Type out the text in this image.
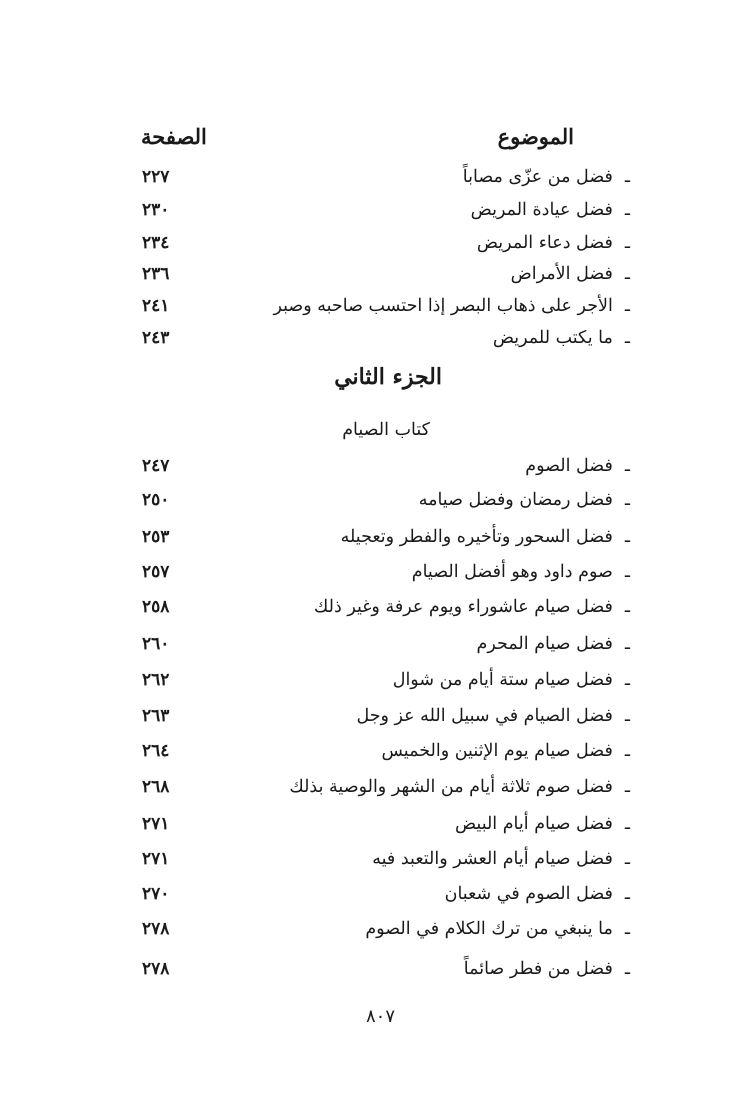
الموضوع
الصفحة
ـفضل من عزّى مصاباً
٢٢٧
ـفضل عيادة المريض
٢٣٠
ـفضل دعاء المريض
٢٣٤
ـفضل الأمراض
٢٣٦
ـالأجر على ذهاب البصر إذا احتسب صاحبه وصبر
٢٤١
ـما يكتب للمريض
٢٤٣
الجزء الثاني
كتاب الصيام
ـفضل الصوم
٢٤٧
ـفضل رمضان وفضل صيامه
٢٥٠
ـفضل السحور وتأخيره والفطر وتعجيله
٢٥٣
ـصوم داود وهو أفضل الصيام
٢٥٧
ـفضل صيام عاشوراء ويوم عرفة وغير ذلك
٢٥٨
ـفضل صيام المحرم
٢٦٠
ـفضل صيام ستة أيام من شوال
٢٦٢
ـفضل الصيام في سبيل الله عز وجل
٢٦٣
ـفضل صيام يوم الإثنين والخميس
٢٦٤
ـفضل صوم ثلاثة أيام من الشهر والوصية بذلك
٢٦٨
ـفضل صيام أيام البيض
٢٧١
ـفضل صيام أيام العشر والتعبد فيه
٢٧١
ـفضل الصوم في شعبان
٢٧٠
ـما ينبغي من ترك الكلام في الصوم
٢٧٨
ـفضل من فطر صائماً
٢٧٨
٨٠٧
